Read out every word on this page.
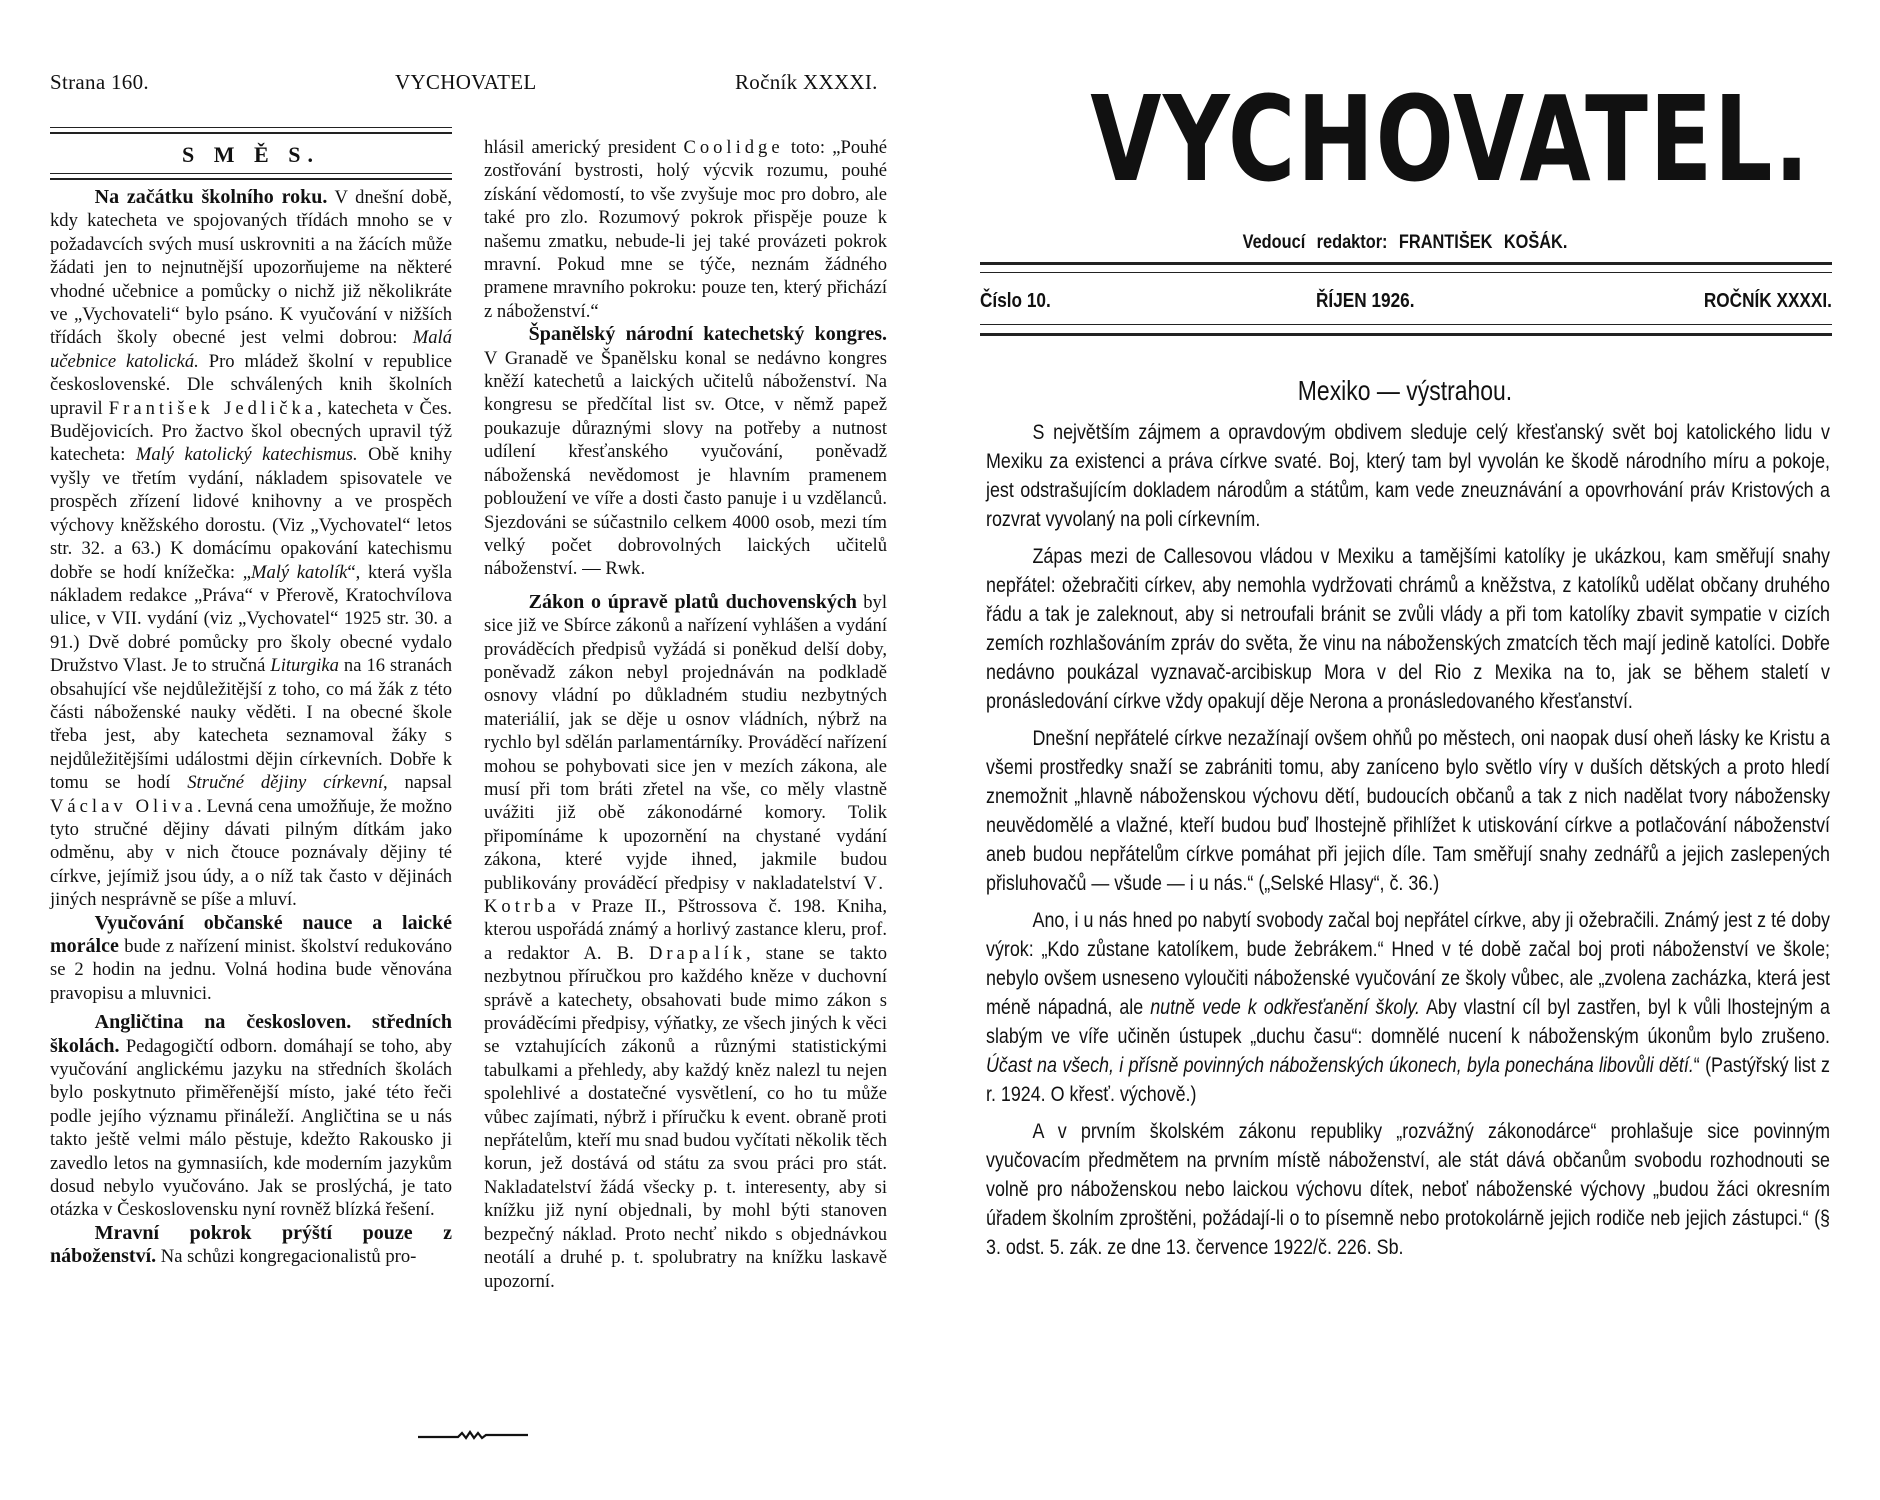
Strana 160.	VYCHOVATEL	Ročník XXXXI.
S M Ě S.

Na začátku školního roku. V dnešní době, kdy katecheta ve spojovaných třídách mnoho se v požadavcích svých musí uskrovniti a na žácích může žádati jen to nejnutnější upozorňujeme na některé vhodné učebnice a pomůcky o nichž již několikráte ve „Vychovateli“ bylo psáno. K vyučování v nižších třídách školy obecné jest velmi dobrou: Malá učebnice katolická. Pro mládež školní v republice československé. Dle schválených knih školních upravil František Jedlička, katecheta v Čes. Budějovicích. Pro žactvo škol obecných upravil týž katecheta: Malý katolický katechismus. Obě knihy vyšly ve třetím vydání, nákladem spisovatele ve prospěch zřízení lidové knihovny a ve prospěch výchovy kněžského dorostu. (Viz „Vychovatel“ letos str. 32. a 63.) K domácímu opakování katechismu dobře se hodí knížečka: „Malý katolík“, která vyšla nákladem redakce „Práva“ v Přerově, Kratochvílova ulice, v VII. vydání (viz „Vychovatel“ 1925 str. 30. a 91.) Dvě dobré pomůcky pro školy obecné vydalo Družstvo Vlast. Je to stručná Liturgika na 16 stranách obsahující vše nejdůležitější z toho, co má žák z této části náboženské nauky věděti. I na obecné škole třeba jest, aby katecheta seznamoval žáky s nejdůležitějšími událostmi dějin církevních. Dobře k tomu se hodí Stručné dějiny církevní, napsal Václav Oliva. Levná cena umožňuje, že možno tyto stručné dějiny dávati pilným dítkám jako odměnu, aby v nich čtouce poznávaly dějiny té církve, jejímiž jsou údy, a o níž tak často v dějinách jiných nesprávně se píše a mluví.

Vyučování občanské nauce a laické morálce bude z nařízení minist. školství redukováno se 2 hodin na jednu. Volná hodina bude věnována pravopisu a mluvnici.

Angličtina na českosloven. středních školách. Pedagogičtí odborn. domáhají se toho, aby vyučování anglickému jazyku na středních školách bylo poskytnuto přiměřenější místo, jaké této řeči podle jejího významu přináleží. Angličtina se u nás takto ještě velmi málo pěstuje, kdežto Rakousko ji zavedlo letos na gymnasiích, kde moderním jazykům dosud nebylo vyučováno. Jak se proslýchá, je tato otázka v Československu nyní rovněž blízká řešení.

Mravní pokrok prýští pouze z náboženství. Na schůzi kongregacionalistů pro-

hlásil americký president Coolidge toto: „Pouhé zostřování bystrosti, holý výcvik rozumu, pouhé získání vědomostí, to vše zvyšuje moc pro dobro, ale také pro zlo. Rozumový pokrok přispěje pouze k našemu zmatku, nebude-li jej také provázeti pokrok mravní. Pokud mne se týče, neznám žádného pramene mravního pokroku: pouze ten, který přichází z náboženství.“

Španělský národní katechetský kongres. V Granadě ve Španělsku konal se nedávno kongres kněží katechetů a laických učitelů náboženství. Na kongresu se předčítal list sv. Otce, v němž papež poukazuje důraznými slovy na potřeby a nutnost udílení křesťanského vyučování, poněvadž náboženská nevědomost je hlavním pramenem pobloužení ve víře a dosti často panuje i u vzdělanců. Sjezdováni se súčastnilo celkem 4000 osob, mezi tím velký počet dobrovolných laických učitelů náboženství. — Rwk.

Zákon o úpravě platů duchovenských byl sice již ve Sbírce zákonů a nařízení vyhlášen a vydání prováděcích předpisů vyžádá si poněkud delší doby, poněvadž zákon nebyl projednáván na podkladě osnovy vládní po důkladném studiu nezbytných materiálií, jak se děje u osnov vládních, nýbrž na rychlo byl sdělán parlamentárníky. Prováděcí nařízení mohou se pohybovati sice jen v mezích zákona, ale musí při tom bráti zřetel na vše, co měly vlastně uvážiti již obě zákonodárné komory. Tolik připomínáme k upozornění na chystané vydání zákona, které vyjde ihned, jakmile budou publikovány prováděcí předpisy v nakladatelství V. Kotrba v Praze II., Pštrossova č. 198. Kniha, kterou uspořádá známý a horlivý zastance kleru, prof. a redaktor A. B. Drapalík, stane se takto nezbytnou příručkou pro každého kněze v duchovní správě a katechety, obsahovati bude mimo zákon s prováděcími předpisy, výňatky, ze všech jiných k věci se vztahujících zákonů a různými statistickými tabulkami a přehledy, aby každý kněz nalezl tu nejen spolehlivé a dostatečné vysvětlení, co ho tu může vůbec zajímati, nýbrž i příručku k event. obraně proti nepřátelům, kteří mu snad budou vyčítati několik těch korun, jež dostává od státu za svou práci pro stát. Nakladatelství žádá všecky p. t. interesenty, aby si knížku již nyní objednali, by mohl býti stanoven bezpečný náklad. Proto nechť nikdo s objednávkou neotálí a druhé p. t. spolubratry na knížku laskavě upozorní.

VYCHOVATEL.
Vedoucí redaktor: FRANTIŠEK KOŠÁK.
Číslo 10.	ŘÍJEN 1926.	ROČNÍK XXXXI.
Mexiko — výstrahou.

S největším zájmem a opravdovým obdivem sleduje celý křesťanský svět boj katolického lidu v Mexiku za existenci a práva církve svaté. Boj, který tam byl vyvolán ke škodě národního míru a pokoje, jest odstrašujícím dokladem národům a státům, kam vede zneuznávání a opovrhování práv Kristových a rozvrat vyvolaný na poli církevním.

Zápas mezi de Callesovou vládou v Mexiku a tamějšími katolíky je ukázkou, kam směřují snahy nepřátel: ožebračiti církev, aby nemohla vydržovati chrámů a kněžstva, z katolíků udělat občany druhého řádu a tak je zaleknout, aby si netroufali bránit se zvůli vlády a při tom katolíky zbavit sympatie v cizích zemích rozhlašováním zpráv do světa, že vinu na náboženských zmatcích těch mají jedině katolíci. Dobře nedávno poukázal vyznavač-arcibiskup Mora v del Rio z Mexika na to, jak se během staletí v pronásledování církve vždy opakují děje Nerona a pronásledovaného křesťanství.

Dnešní nepřátelé církve nezažínají ovšem ohňů po městech, oni naopak dusí oheň lásky ke Kristu a všemi prostředky snaží se zabrániti tomu, aby zaníceno bylo světlo víry v duších dětských a proto hledí znemožnit „hlavně náboženskou výchovu dětí, budoucích občanů a tak z nich nadělat tvory nábožensky neuvědomělé a vlažné, kteří budou buď lhostejně přihlížet k utiskování církve a potlačování náboženství aneb budou nepřátelům církve pomáhat při jejich díle. Tam směřují snahy zednářů a jejich zaslepených přisluhovačů — všude — i u nás.“ („Selské Hlasy“, č. 36.)

Ano, i u nás hned po nabytí svobody začal boj nepřátel církve, aby ji ožebračili. Známý jest z té doby výrok: „Kdo zůstane katolíkem, bude žebrákem.“ Hned v té době začal boj proti náboženství ve škole; nebylo ovšem usneseno vyloučiti náboženské vyučování ze školy vůbec, ale „zvolena zacházka, která jest méně nápadná, ale nutně vede k odkřesťanění školy. Aby vlastní cíl byl zastřen, byl k vůli lhostejným a slabým ve víře učiněn ústupek „duchu času“: domnělé nucení k náboženským úkonům bylo zrušeno. Účast na všech, i přísně povinných náboženských úkonech, byla ponechána libovůli dětí.“ (Pastýřský list z r. 1924. O křesť. výchově.)

A v prvním školském zákonu republiky „rozvážný zákonodárce“ prohlašuje sice povinným vyučovacím předmětem na prvním místě náboženství, ale stát dává občanům svobodu rozhodnouti se volně pro náboženskou nebo laickou výchovu dítek, neboť náboženské výchovy „budou žáci okresním úřadem školním zproštěni, požádají-li o to písemně nebo protokolárně jejich rodiče neb jejich zástupci.“ (§ 3. odst. 5. zák. ze dne 13. července 1922/č. 226. Sb.
